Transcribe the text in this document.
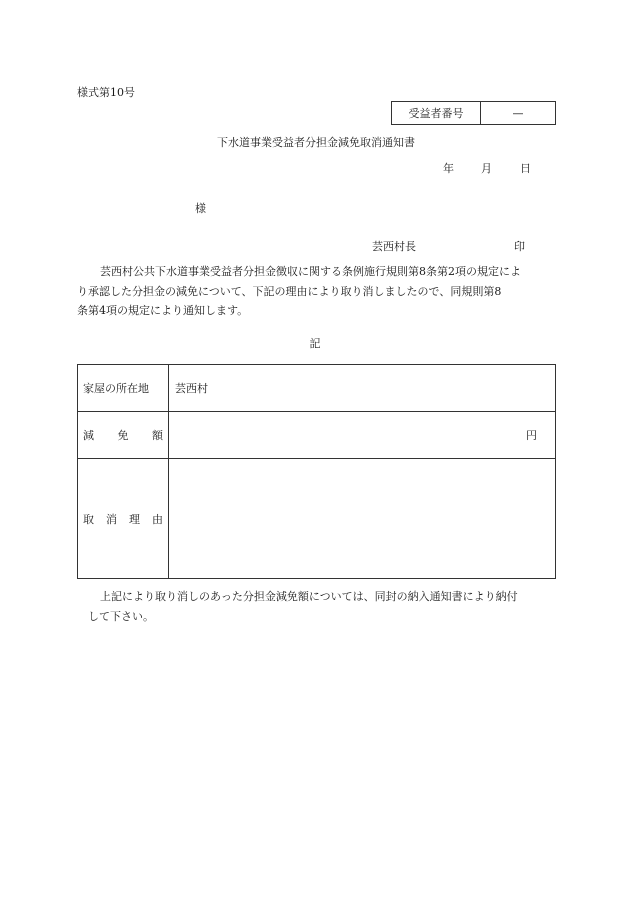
様式第10号
受益者番号	—
下水道事業受益者分担金減免取消通知書
年 月	日
様
芸西村長	印
芸西村公共下水道事業受益者分担金徴収に関する条例施行規則第8条第2項の規定によ
り承認した分担金の減免について、下記の理由により取り消しましたので、同規則第8
条第4項の規定により通知します。
記
家屋の所在地	芸西村

減 免 額	円

取 消 理 由	

上記により取り消しのあった分担金減免額については、同封の納入通知書により納付
して下さい。
